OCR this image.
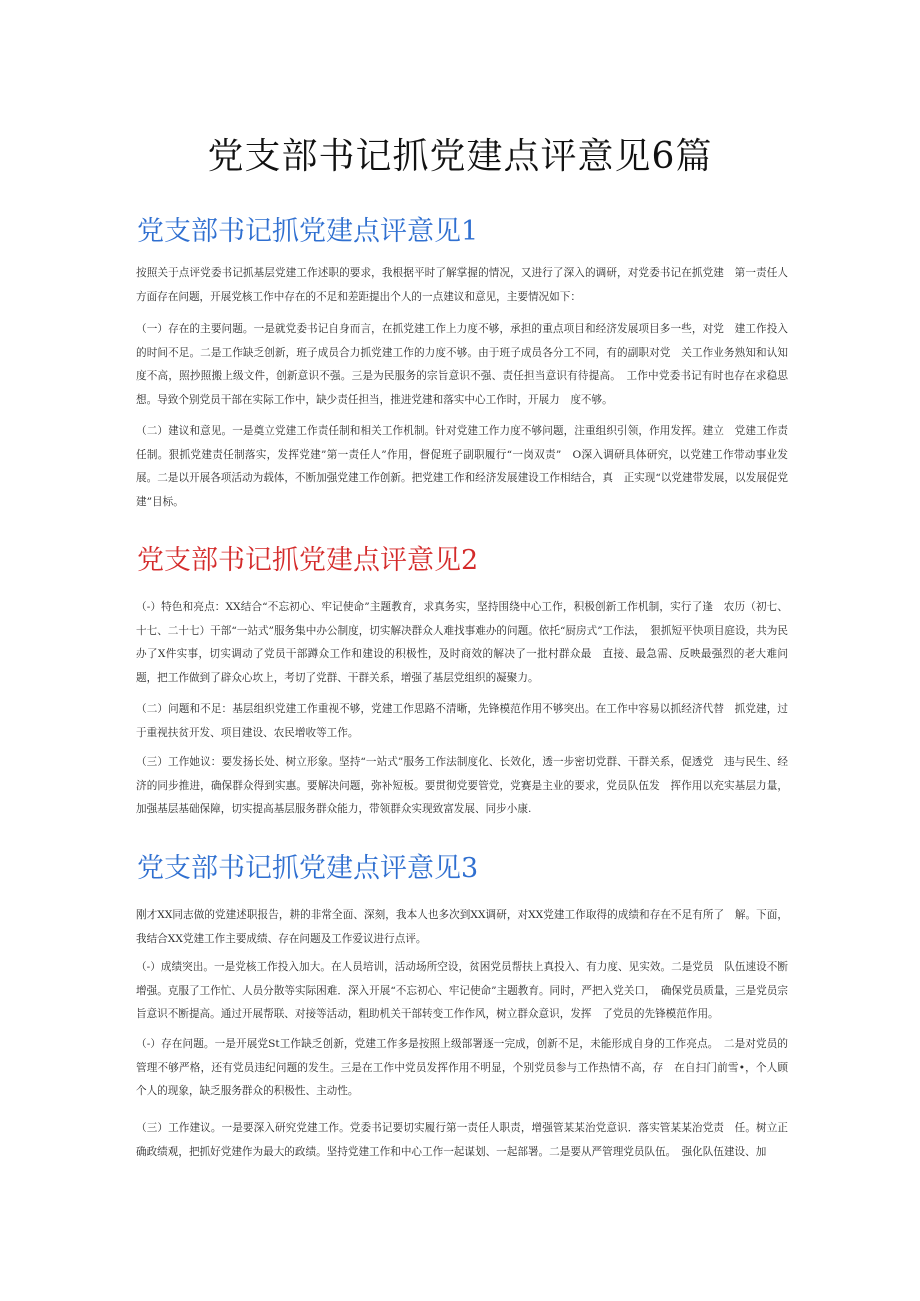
党支部书记抓党建点评意见6篇
党支部书记抓党建点评意见1

按照关于点评党委书记抓基层党建工作述职的要求，我根据平时了解掌握的情况，又进行了深入的调研，对党委书记在抓党建　第一责任人方面存在问题，开展党核工作中存在的不足和差距提出个人的一点建议和意见，主要情况如下：

（一）存在的主要问题。一是就党委书记自身而言，在抓党建工作上力度不够，承担的重点项目和经济发展项目多一些，对党　建工作投入的时间不足。二是工作缺乏创新，班子成员合力抓党建工作的力度不够。由于班子成员各分工不同，有的副职对党　关工作业务熟知和认知度不高，照抄照搬上级文件，创新意识不强。三是为民服务的宗旨意识不强、责任担当意识有待提高。　工作中党委书记有时也存在求稳思想。导致个别党员干部在实际工作中，缺少责任担当，推进党建和落实中心工作时，开展力　度不够。

（二）建议和意见。一是奠立党建工作责任制和相关工作机制。针对党建工作力度不够问题，注重组织引领，作用发挥。建立　党建工作责任制。狠抓党建责任制落实，发挥党建”第一责任人”作用，督促班子副职履行“一岗双责”　O深入调研具体研究，以党建工作带动事业发展。二是以开展各项活动为载体，不断加强党建工作创新。把党建工作和经济发展建设工作相结合，真　正实现“以党建带发展，以发展促党建”目标。

党支部书记抓党建点评意见2

（-）特色和亮点：XX结合“不忘初心、牢记使命”主题教育，求真务实，坚持围绕中心工作，积极创新工作机制，实行了逢　农历（初七、十七、二十七）干部“一站式”服务集中办公制度，切实解决群众人难找事难办的问题。依托“厨房式”工作法，　狠抓短平快项目庭设，共为民办了X件实事，切实调动了党员干部蹲众工作和建设的积极性，及时商效的解决了一批村群众最　直接、最急需、反映最强烈的老大难问题，把工作做到了辟众心坎上，考切了党群、干群关系，增强了基层党组织的凝聚力。

（二）问题和不足：基层组织党建工作重视不够，党建工作思路不清晰，先锋模范作用不够突出。在工作中容易以抓经济代替　抓党建，过于重视扶贫开发、项目建设、农民增收等工作。

（三）工作她议：要发扬长处、树立形象。坚持“一站式”服务工作法制度化、长效化，透一步密切党群、干群关系，促透党　违与民生、经济的同步推进，确保群众得到实惠。要解决问题，弥补短板。要贯彻党要管党，党赛是主业的要求，党员队伍发　挥作用以充实基层力量，加强基层基础保障，切实提高基层服务群众能力，带领群众实现致富发展、同步小康.

党支部书记抓党建点评意见3

刚才XX同志做的党建述职报告，耕的非常全面、深刻，我本人也多次到XX调研，对XX党建工作取得的成绩和存在不足有所了　解。下面，我结合XX党建工作主要成绩、存在问题及工作爱议进行点评。

（-）成绩突出。一是党核工作投入加大。在人员培训，活动场所空设，贫困党员帮扶上真投入、有力度、见实效。二是党员　队伍速设不断增强。克服了工作忙、人员分散等实际困难．深入开展“不忘初心、牢记使命”主题教育。同时，严把入党关口，　确保党员质量，三是党员宗旨意识不断提高。通过开展帮联、对接等活动，粗助机关干部转变工作作风，树立群众意识，发挥　了党员的先锋模范作用。

（-）存在问题。一是开展党St工作缺乏创新，党建工作多是按照上级部署逐一完成，创新不足，未能形成自身的工作亮点。　二是对党员的管理不够严格，还有党员违纪问题的发生。三是在工作中党员发挥作用不明显，个别党员参与工作热情不高，存　在自扫门前雪•，个人顾个人的现象，缺乏服务群众的积极性、主动性。

（三）工作建议。一是要深入研究党建工作。党委书记要切实履行第一责任人职责，增强管某某治党意识．落实管某某治党责　任。树立正确政绩观，把抓好党建作为最大的政绩。坚持党建工作和中心工作一起谋划、一起部署。二是要从严管理党员队伍。　强化队伍建设、加
